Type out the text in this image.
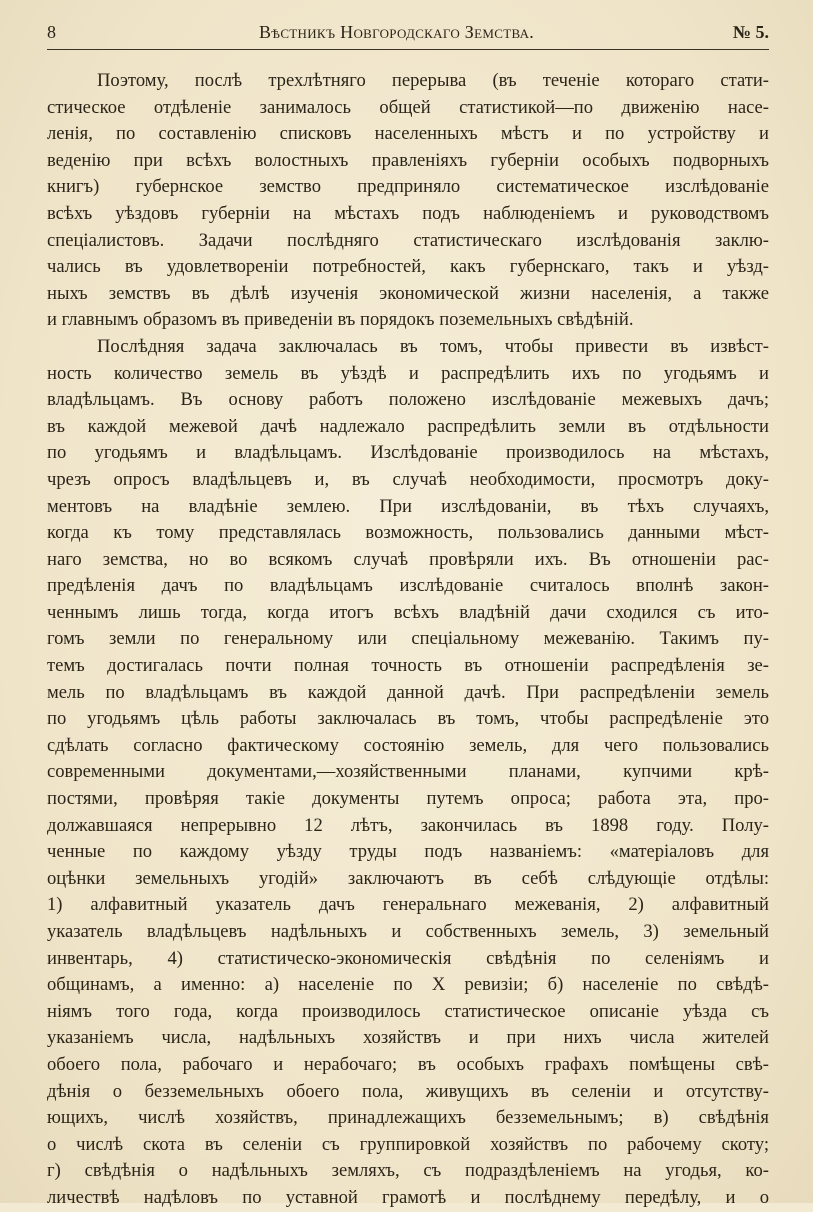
8	Вѣстникъ Новгородскаго Земства.	№ 5.
Поэтому, послѣ трехлѣтняго перерыва (въ теченіе котораго стати-
стическое отдѣленіе занималось общей статистикой—по движенію насе-
ленія, по составленію списковъ населенныхъ мѣстъ и по устройству и
веденію при всѣхъ волостныхъ правленіяхъ губерніи особыхъ подворныхъ
книгъ) губернское земство предприняло систематическое изслѣдованіе
всѣхъ уѣздовъ губерніи на мѣстахъ подъ наблюденіемъ и руководствомъ
спеціалистовъ. Задачи послѣдняго статистическаго изслѣдованія заклю-
чались въ удовлетвореніи потребностей, какъ губернскаго, такъ и уѣзд-
ныхъ земствъ въ дѣлѣ изученія экономической жизни населенія, а также
и главнымъ образомъ въ приведеніи въ порядокъ поземельныхъ свѣдѣній.
Послѣдняя задача заключалась въ томъ, чтобы привести въ извѣст-
ность количество земель въ уѣздѣ и распредѣлить ихъ по угодьямъ и
владѣльцамъ. Въ основу работъ положено изслѣдованіе межевыхъ дачъ;
въ каждой межевой дачѣ надлежало распредѣлить земли въ отдѣльности
по угодьямъ и владѣльцамъ. Изслѣдованіе производилось на мѣстахъ,
чрезъ опросъ владѣльцевъ и, въ случаѣ необходимости, просмотръ доку-
ментовъ на владѣніе землею. При изслѣдованіи, въ тѣхъ случаяхъ,
когда къ тому представлялась возможность, пользовались данными мѣст-
наго земства, но во всякомъ случаѣ провѣряли ихъ. Въ отношеніи рас-
предѣленія дачъ по владѣльцамъ изслѣдованіе считалось вполнѣ закон-
ченнымъ лишь тогда, когда итогъ всѣхъ владѣній дачи сходился съ ито-
гомъ земли по генеральному или спеціальному межеванію. Такимъ пу-
темъ достигалась почти полная точность въ отношеніи распредѣленія зе-
мель по владѣльцамъ въ каждой данной дачѣ. При распредѣленіи земель
по угодьямъ цѣль работы заключалась въ томъ, чтобы распредѣленіе это
сдѣлать согласно фактическому состоянію земель, для чего пользовались
современными документами,—хозяйственными планами, купчими крѣ-
постями, провѣряя такіе документы путемъ опроса; работа эта, про-
должавшаяся непрерывно 12 лѣтъ, закончилась въ 1898 году. Полу-
ченные по каждому уѣзду труды подъ названіемъ: «матеріаловъ для
оцѣнки земельныхъ угодій» заключаютъ въ себѣ слѣдующіе отдѣлы:
1) алфавитный указатель дачъ генеральнаго межеванія, 2) алфавитный
указатель владѣльцевъ надѣльныхъ и собственныхъ земель, 3) земельный
инвентарь, 4) статистическо-экономическія свѣдѣнія по селеніямъ и
общинамъ, а именно: а) населеніе по X ревизіи; б) населеніе по свѣдѣ-
ніямъ того года, когда производилось статистическое описаніе уѣзда съ
указаніемъ числа, надѣльныхъ хозяйствъ и при нихъ числа жителей
обоего пола, рабочаго и нерабочаго; въ особыхъ графахъ помѣщены свѣ-
дѣнія о безземельныхъ обоего пола, живущихъ въ селеніи и отсутству-
ющихъ, числѣ хозяйствъ, принадлежащихъ безземельнымъ; в) свѣдѣнія
о числѣ скота въ селеніи съ группировкой хозяйствъ по рабочему скоту;
г) свѣдѣнія о надѣльныхъ земляхъ, съ подраздѣленіемъ на угодья, ко-
личествѣ надѣловъ по уставной грамотѣ и послѣднему передѣлу, и о
